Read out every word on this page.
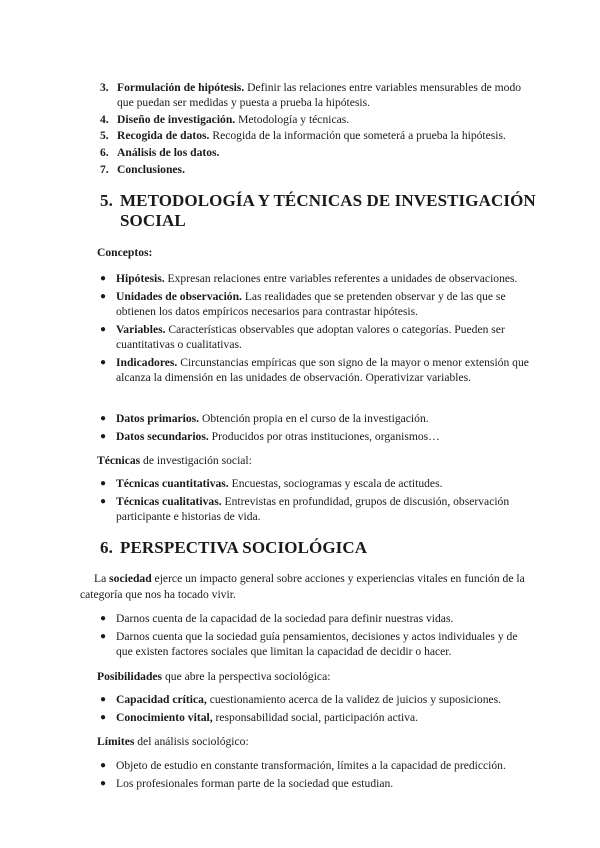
3. Formulación de hipótesis. Definir las relaciones entre variables mensurables de modo que puedan ser medidas y puesta a prueba la hipótesis.
4. Diseño de investigación. Metodología y técnicas.
5. Recogida de datos. Recogida de la información que someterá a prueba la hipótesis.
6. Análisis de los datos.
7. Conclusiones.
5. METODOLOGÍA Y TÉCNICAS DE INVESTIGACIÓN
SOCIAL

Conceptos:

● Hipótesis. Expresan relaciones entre variables referentes a unidades de observaciones.
● Unidades de observación. Las realidades que se pretenden observar y de las que se obtienen los datos empíricos necesarios para contrastar hipótesis.
● Variables. Características observables que adoptan valores o categorías. Pueden ser cuantitativas o cualitativas.
● Indicadores. Circunstancias empíricas que son signo de la mayor o menor extensión que alcanza la dimensión en las unidades de observación. Operativizar variables.
● Datos primarios. Obtención propia en el curso de la investigación.
● Datos secundarios. Producidos por otras instituciones, organismos…

Técnicas de investigación social:

● Técnicas cuantitativas. Encuestas, sociogramas y escala de actitudes.
● Técnicas cualitativas. Entrevistas en profundidad, grupos de discusión, observación participante e historias de vida.
6. PERSPECTIVA SOCIOLÓGICA

La sociedad ejerce un impacto general sobre acciones y experiencias vitales en función de la categoría que nos ha tocado vivir.

● Darnos cuenta de la capacidad de la sociedad para definir nuestras vidas.
● Darnos cuenta que la sociedad guía pensamientos, decisiones y actos individuales y de que existen factores sociales que limitan la capacidad de decidir o hacer.

Posibilidades que abre la perspectiva sociológica:

● Capacidad crítica, cuestionamiento acerca de la validez de juicios y suposiciones.
● Conocimiento vital, responsabilidad social, participación activa.

Límites del análisis sociológico:

● Objeto de estudio en constante transformación, límites a la capacidad de predicción.
● Los profesionales forman parte de la sociedad que estudian.
